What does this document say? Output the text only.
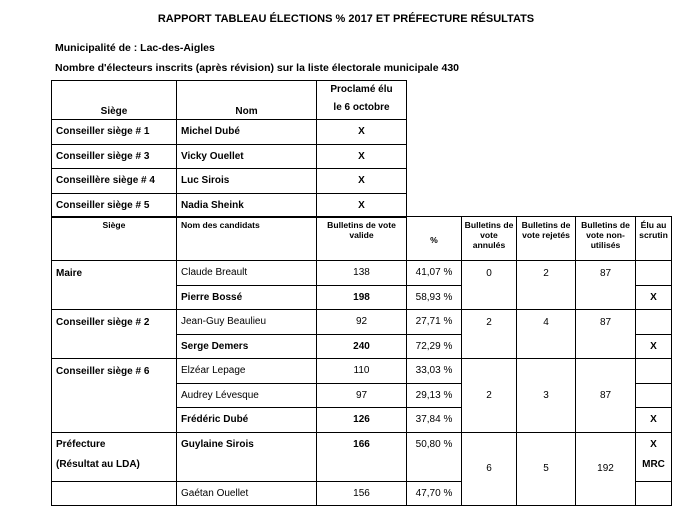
RAPPORT TABLEAU ÉLECTIONS % 2017 ET PRÉFECTURE RÉSULTATS
Municipalité de : Lac-des-Aigles
Nombre d'électeurs inscrits (après révision) sur la liste électorale municipale 430
Siège	Nom	Proclamé élu
le 6 octobre
Conseiller siège # 1	Michel Dubé	X
Conseiller siège # 3	Vicky Ouellet	X
Conseillère siège # 4	Luc Sirois	X
Conseiller siège # 5	Nadia Sheink	X
Siège	Nom des candidats	Bulletins de vote valide	%	Bulletins de vote annulés	Bulletins de vote rejetés	Bulletins de vote non-utilisés	Élu au scrutin
Maire	Claude Breault	138	41,07 %	0	2	87	
	Pierre Bossé	198	58,93 %				X
Conseiller siège # 2	Jean-Guy Beaulieu	92	27,71 %	2	4	87	
	Serge Demers	240	72,29 %				X
Conseiller siège # 6	Elzéar Lepage	110	33,03 %	2	3	87	
	Audrey Lévesque	97	29,13 %				
	Frédéric Dubé	126	37,84 %				X
Préfecture
(Résultat au LDA)	Guylaine Sirois	166	50,80 %	6	5	192	X
MRC
	Gaétan Ouellet	156	47,70 %				
